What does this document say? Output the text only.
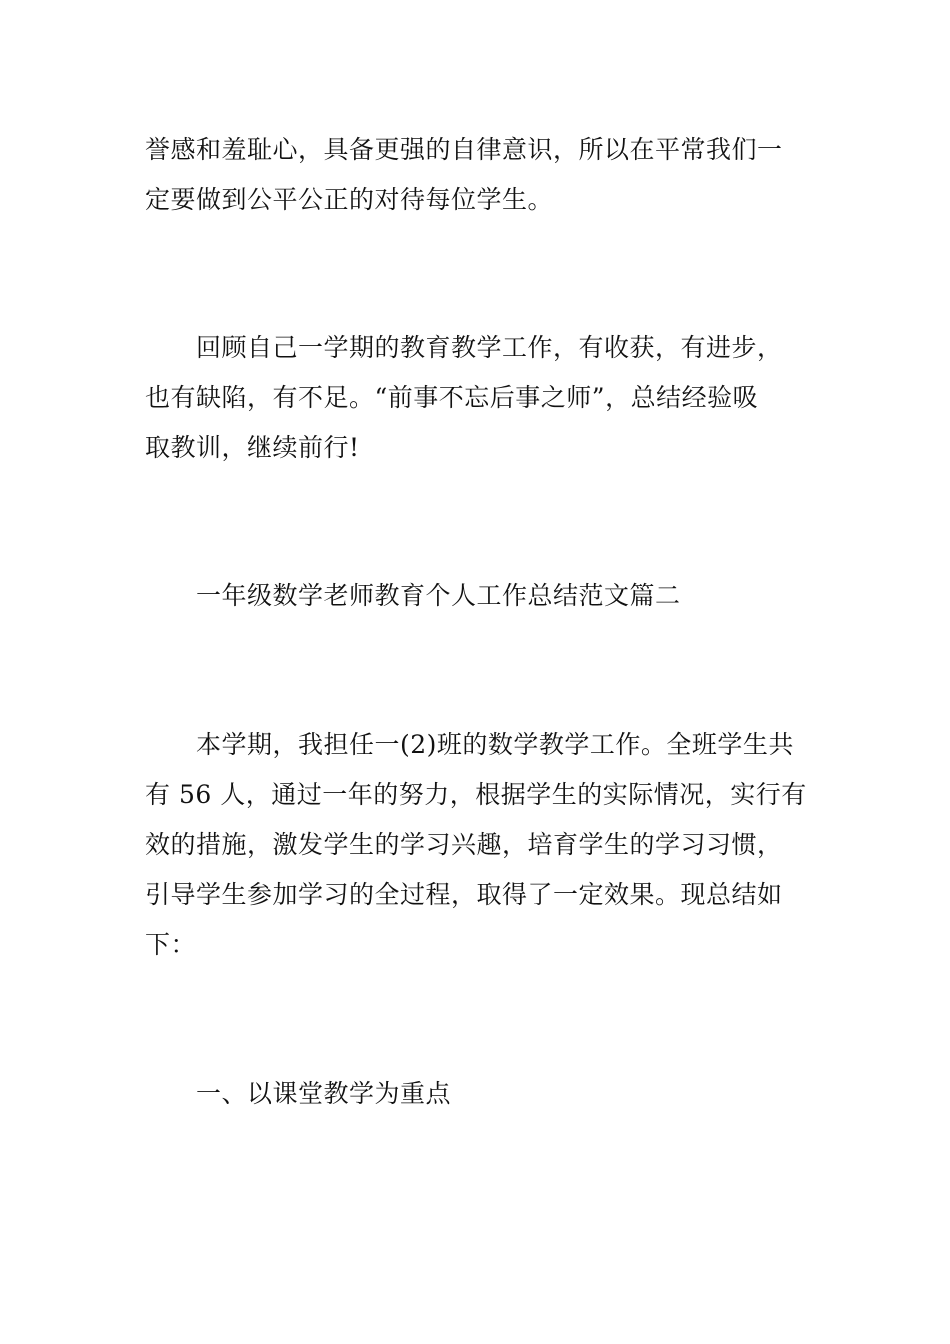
誉感和羞耻心，具备更强的自律意识，所以在平常我们一
定要做到公平公正的对待每位学生。
回顾自己一学期的教育教学工作，有收获，有进步，
也有缺陷，有不足。“前事不忘后事之师”，总结经验吸
取教训，继续前行!
一年级数学老师教育个人工作总结范文篇二
本学期，我担任一(2)班的数学教学工作。全班学生共
有 56 人，通过一年的努力，根据学生的实际情况，实行有
效的措施，激发学生的学习兴趣，培育学生的学习习惯，
引导学生参加学习的全过程，取得了一定效果。现总结如
下：
一、以课堂教学为重点
